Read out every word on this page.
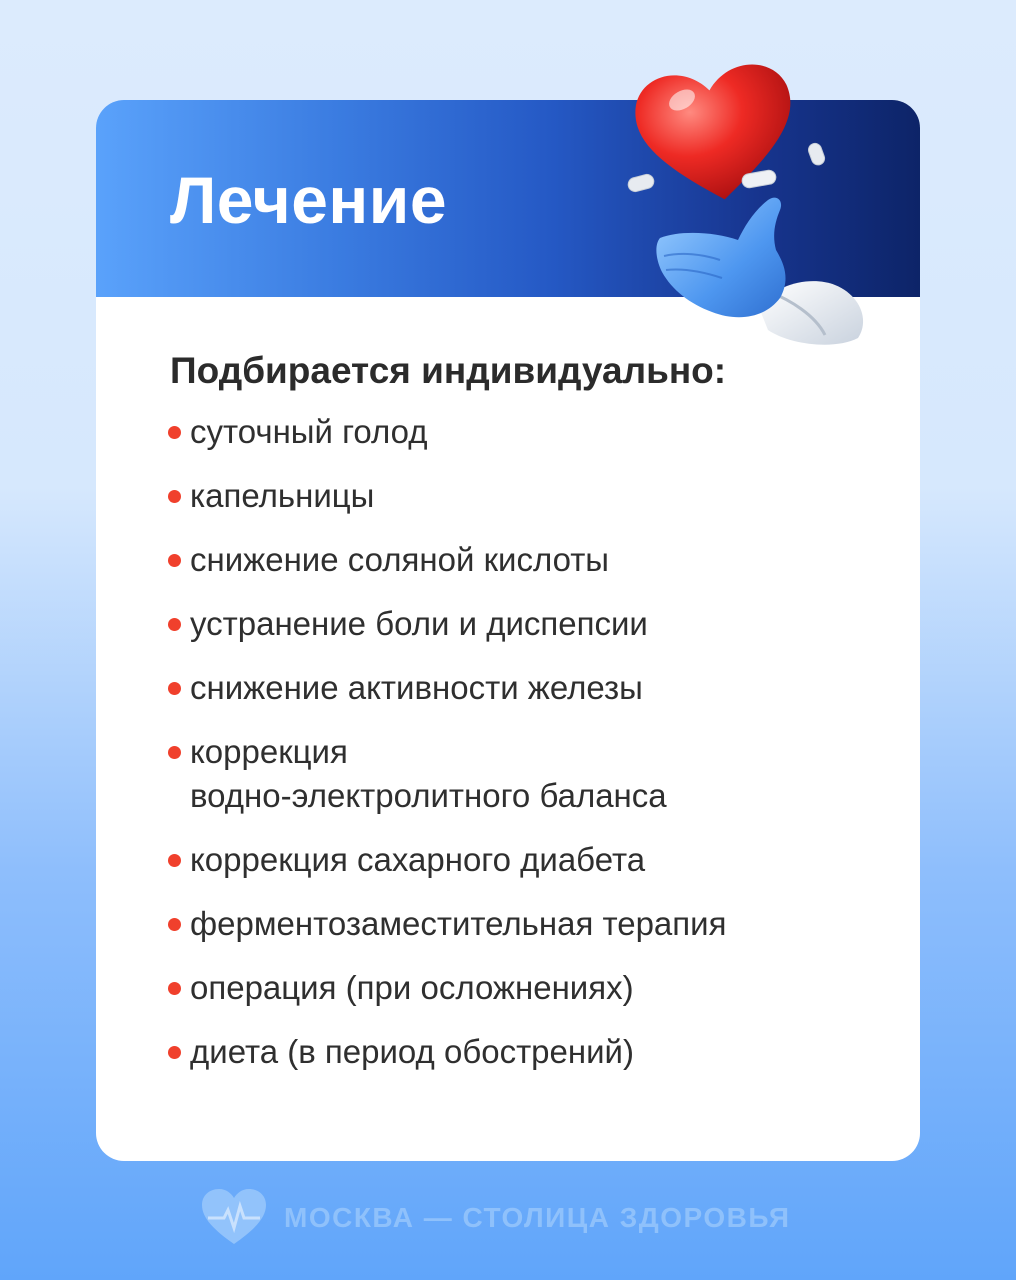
Лечение
Подбирается индивидуально:
суточный голод
капельницы
снижение соляной кислоты
устранение боли и диспепсии
снижение активности железы
коррекция
водно-электролитного баланса
коррекция сахарного диабета
ферментозаместительная терапия
операция (при осложнениях)
диета (в период обострений)

МОСКВА — СТОЛИЦА ЗДОРОВЬЯ
